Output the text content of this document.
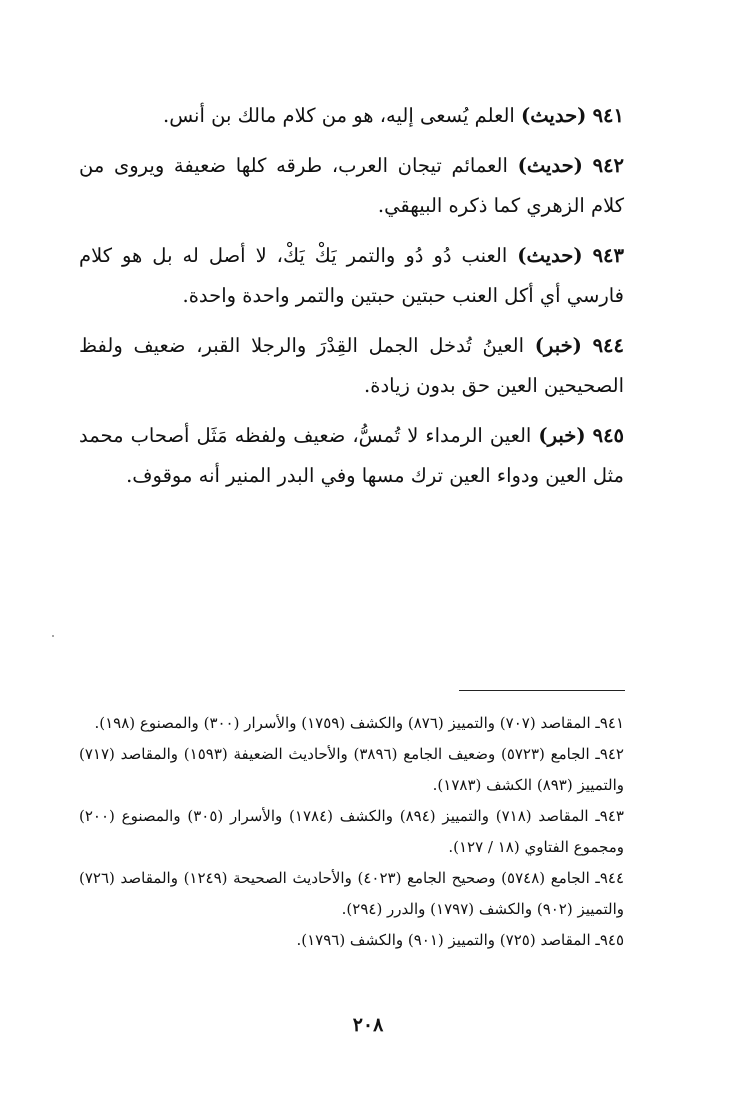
٩٤١ (حديث) العلم يُسعى إليه، هو من كلام مالك بن أنس.

٩٤٢ (حديث) العمائم تيجان العرب، طرقه كلها ضعيفة ويروى من كلام الزهري كما ذكره البيهقي.

٩٤٣ (حديث) العنب دُو دُو والتمر يَكْ يَكْ، لا أصل له بل هو كلام فارسي أي أكل العنب حبتين حبتين والتمر واحدة واحدة.

٩٤٤ (خبر) العينُ تُدخل الجمل القِدْرَ والرجلا القبر، ضعيف ولفظ الصحيحين العين حق بدون زيادة.

٩٤٥ (خبر) العين الرمداء لا تُمسُّ، ضعيف ولفظه مَثَل أصحاب محمد مثل العين ودواء العين ترك مسها وفي البدر المنير أنه موقوف.

٩٤١ـ المقاصد (٧٠٧) والتمييز (٨٧٦) والكشف (١٧٥٩) والأسرار (٣٠٠) والمصنوع (١٩٨).

٩٤٢ـ الجامع (٥٧٢٣) وضعيف الجامع (٣٨٩٦) والأحاديث الضعيفة (١٥٩٣) والمقاصد (٧١٧) والتمييز (٨٩٣) الكشف (١٧٨٣).

٩٤٣ـ المقاصد (٧١٨) والتمييز (٨٩٤) والكشف (١٧٨٤) والأسرار (٣٠٥) والمصنوع (٢٠٠) ومجموع الفتاوي (١٨ / ١٢٧).

٩٤٤ـ الجامع (٥٧٤٨) وصحيح الجامع (٤٠٢٣) والأحاديث الصحيحة (١٢٤٩) والمقاصد (٧٢٦) والتمييز (٩٠٢) والكشف (١٧٩٧) والدرر (٢٩٤).

٩٤٥ـ المقاصد (٧٢٥) والتمييز (٩٠١) والكشف (١٧٩٦).

٢٠٨
